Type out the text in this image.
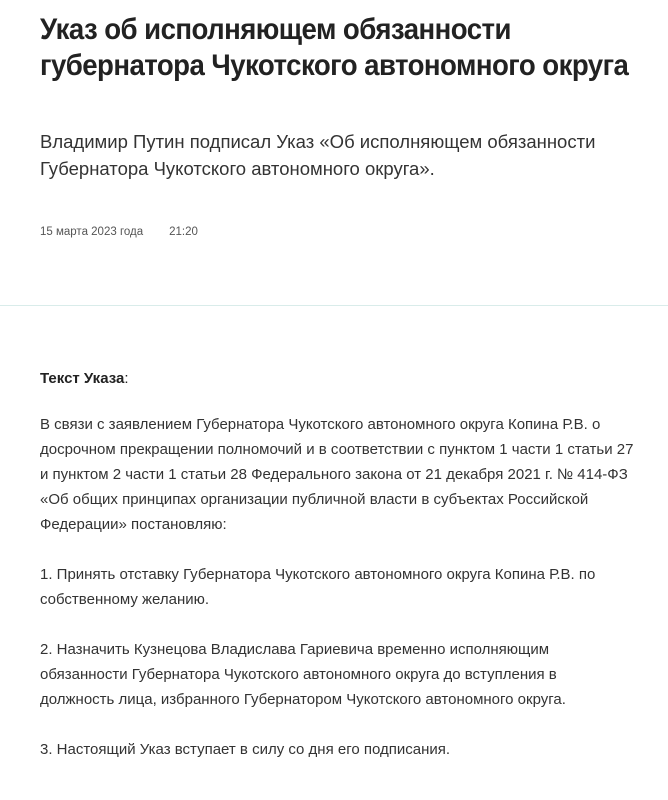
Указ об исполняющем обязанности губернатора Чукотского автономного округа

Владимир Путин подписал Указ «Об исполняющем обязанности Губернатора Чукотского автономного округа».

15 марта 2023 года 21:20

Текст Указа:

В связи с заявлением Губернатора Чукотского автономного округа Копина Р.В. о досрочном прекращении полномочий и в соответствии с пунктом 1 части 1 статьи 27 и пунктом 2 части 1 статьи 28 Федерального закона от 21 декабря 2021 г. № 414-ФЗ «Об общих принципах организации публичной власти в субъектах Российской Федерации» постановляю:

1. Принять отставку Губернатора Чукотского автономного округа Копина Р.В. по собственному желанию.

2. Назначить Кузнецова Владислава Гариевича временно исполняющим обязанности Губернатора Чукотского автономного округа до вступления в должность лица, избранного Губернатором Чукотского автономного округа.

3. Настоящий Указ вступает в силу со дня его подписания.
